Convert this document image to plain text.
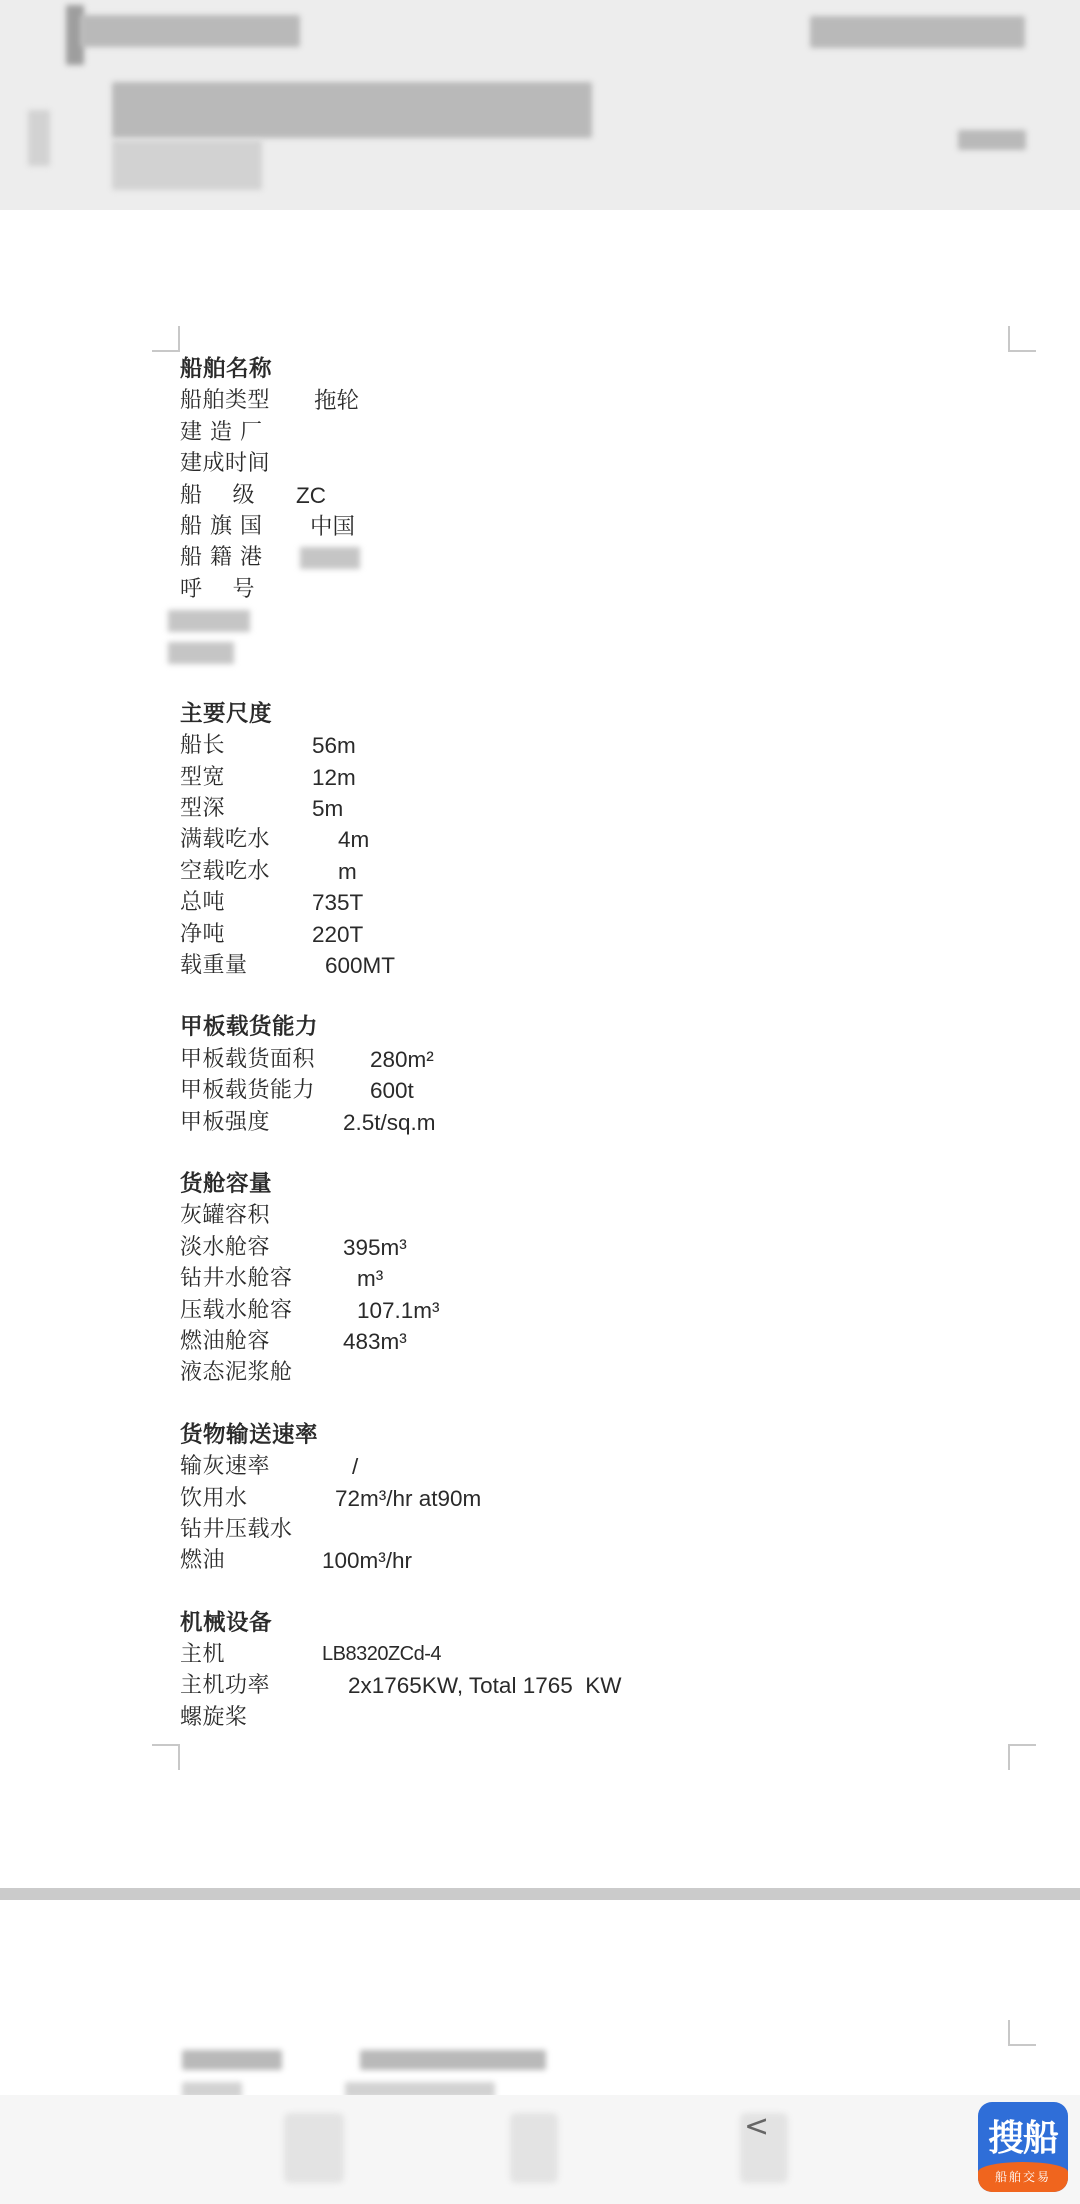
船舶名称
船舶类型 拖轮
建 造 厂
建成时间
船    级 ZC
船 旗 国 中国
船 籍 港
呼    号
主要尺度
船长	56m
型宽	12m
型深	5m
满载吃水	4m
空载吃水	m
总吨	735T
净吨	220T
载重量	600MT
甲板载货能力
甲板载货面积 280m²
甲板载货能力 600t
甲板强度	2.5t/sq.m
货舱容量
灰罐容积
淡水舱容	395m³
钻井水舱容	m³
压载水舱容	107.1m³
燃油舱容	483m³
液态泥浆舱
货物输送速率
输灰速率	/
饮用水	72m³/hr at90m
钻井压载水
燃油	100m³/hr
机械设备
主机	LB8320ZCd-4
主机功率	2x1765KW, Total 1765  KW
螺旋桨
<	搜船
船舶交易
